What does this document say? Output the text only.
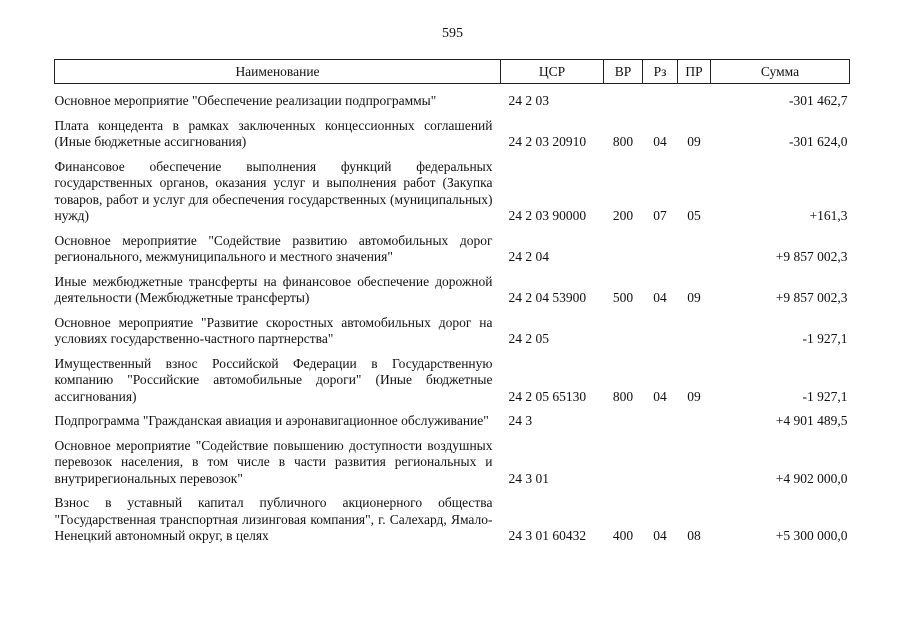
595
Наименование	ЦСР	ВР	Рз	ПР	Сумма
Основное мероприятие "Обеспечение реализации подпрограммы"	24 2 03				-301 462,7
Плата концедента в рамках заключенных концессионных соглашений (Иные бюджетные ассигнования)	24 2 03 20910	800	04	09	-301 624,0
Финансовое обеспечение выполнения функций федеральных государственных органов, оказания услуг и выполнения работ (Закупка товаров, работ и услуг для обеспечения государственных (муниципальных) нужд)	24 2 03 90000	200	07	05	+161,3
Основное мероприятие "Содействие развитию автомобильных дорог регионального, межмуниципального и местного значения"	24 2 04				+9 857 002,3
Иные межбюджетные трансферты на финансовое обеспечение дорожной деятельности (Межбюджетные трансферты)	24 2 04 53900	500	04	09	+9 857 002,3
Основное мероприятие "Развитие скоростных автомобильных дорог на условиях государственно-частного партнерства"	24 2 05				-1 927,1
Имущественный взнос Российской Федерации в Государственную компанию "Российские автомобильные дороги" (Иные бюджетные ассигнования)	24 2 05 65130	800	04	09	-1 927,1
Подпрограмма "Гражданская авиация и аэронавигационное обслуживание"	24 3				+4 901 489,5
Основное мероприятие "Содействие повышению доступности воздушных перевозок населения, в том числе в части развития региональных и внутрирегиональных перевозок"	24 3 01				+4 902 000,0
Взнос в уставный капитал публичного акционерного общества "Государственная транспортная лизинговая компания", г. Салехард, Ямало-Ненецкий автономный округ, в целях	24 3 01 60432	400	04	08	+5 300 000,0
